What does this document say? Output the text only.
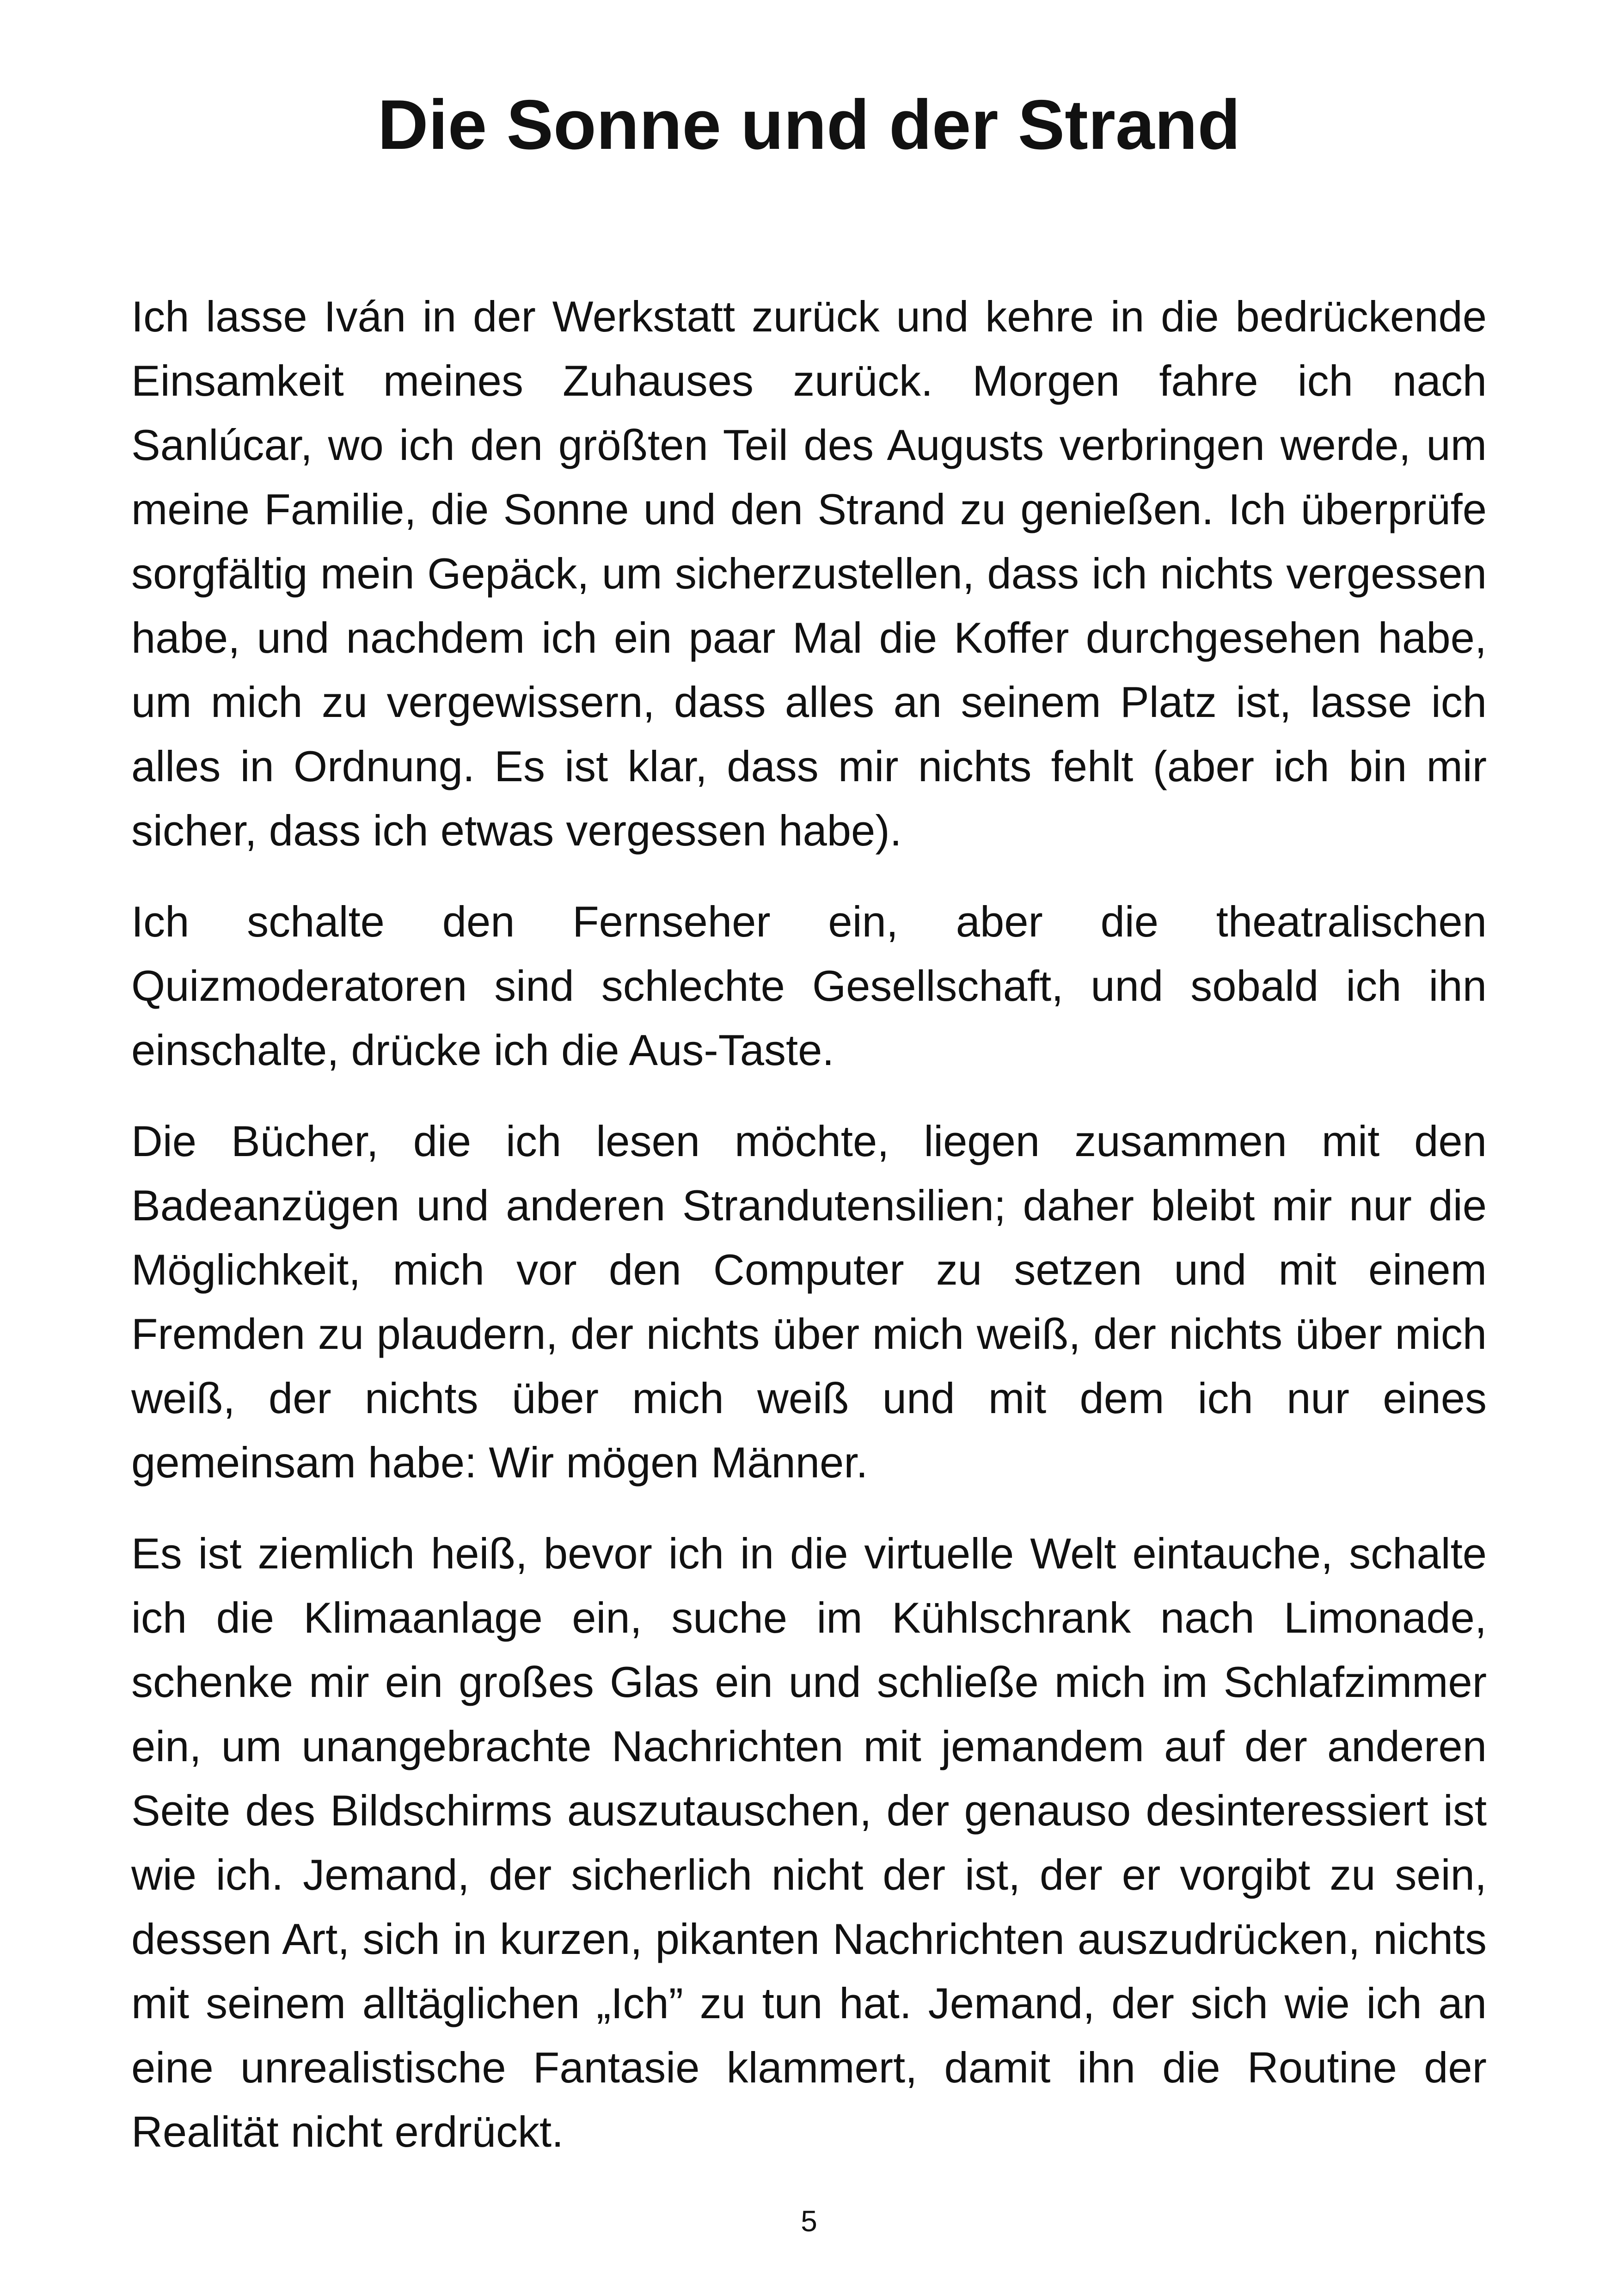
Die Sonne und der Strand

Ich lasse Iván in der Werkstatt zurück und kehre in die bedrückende Einsamkeit meines Zuhauses zurück. Morgen fahre ich nach Sanlúcar, wo ich den größten Teil des Augusts verbringen werde, um meine Familie, die Sonne und den Strand zu genießen. Ich überprüfe sorgfältig mein Gepäck, um sicherzustellen, dass ich nichts vergessen habe, und nachdem ich ein paar Mal die Koffer durchgesehen habe, um mich zu vergewissern, dass alles an seinem Platz ist, lasse ich alles in Ordnung. Es ist klar, dass mir nichts fehlt (aber ich bin mir sicher, dass ich etwas vergessen habe).

Ich schalte den Fernseher ein, aber die theatralischen Quizmoderatoren sind schlechte Gesellschaft, und sobald ich ihn einschalte, drücke ich die Aus-Taste.

Die Bücher, die ich lesen möchte, liegen zusammen mit den Badeanzügen und anderen Strandutensilien; daher bleibt mir nur die Möglichkeit, mich vor den Computer zu setzen und mit einem Fremden zu plaudern, der nichts über mich weiß, der nichts über mich weiß, der nichts über mich weiß und mit dem ich nur eines gemeinsam habe: Wir mögen Männer.

Es ist ziemlich heiß, bevor ich in die virtuelle Welt eintauche, schalte ich die Klimaanlage ein, suche im Kühlschrank nach Limonade, schenke mir ein großes Glas ein und schließe mich im Schlafzimmer ein, um unangebrachte Nachrichten mit jemandem auf der anderen Seite des Bildschirms auszutauschen, der genauso desinteressiert ist wie ich. Jemand, der sicherlich nicht der ist, der er vorgibt zu sein, dessen Art, sich in kurzen, pikanten Nachrichten auszudrücken, nichts mit seinem alltäglichen „Ich” zu tun hat. Jemand, der sich wie ich an eine unrealistische Fantasie klammert, damit ihn die Routine der Realität nicht erdrückt.

5
